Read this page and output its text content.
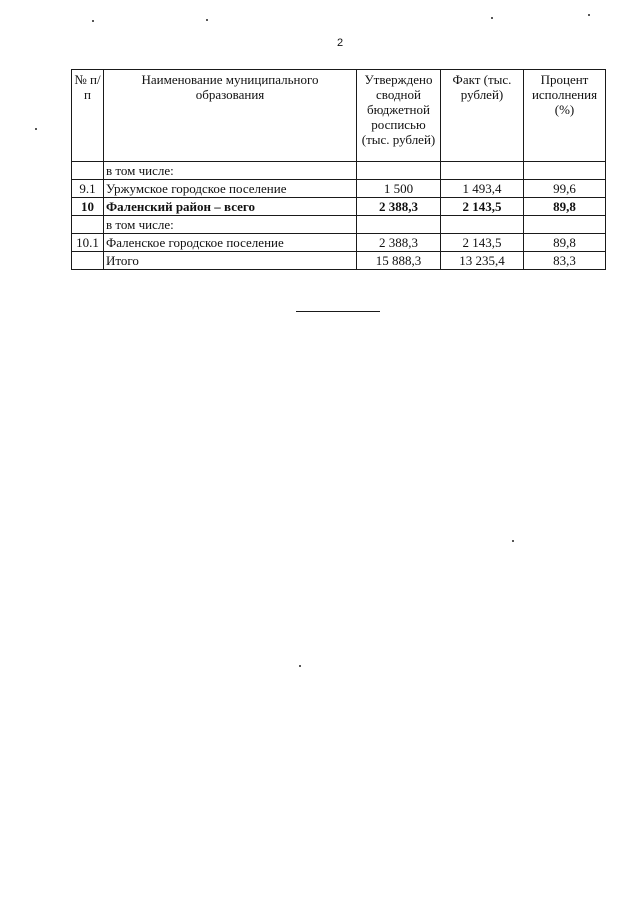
2
№ п/п	Наименование муниципального образования	Утверждено сводной бюджетной росписью (тыс. рублей)	Факт (тыс. рублей)	Процент исполнения (%)
	в том числе:			
9.1	Уржумское городское поселение	1 500	1 493,4	99,6
10	Фаленский район – всего	2 388,3	2 143,5	89,8
	в том числе:			
10.1	Фаленское городское поселение	2 388,3	2 143,5	89,8
	Итого	15 888,3	13 235,4	83,3
